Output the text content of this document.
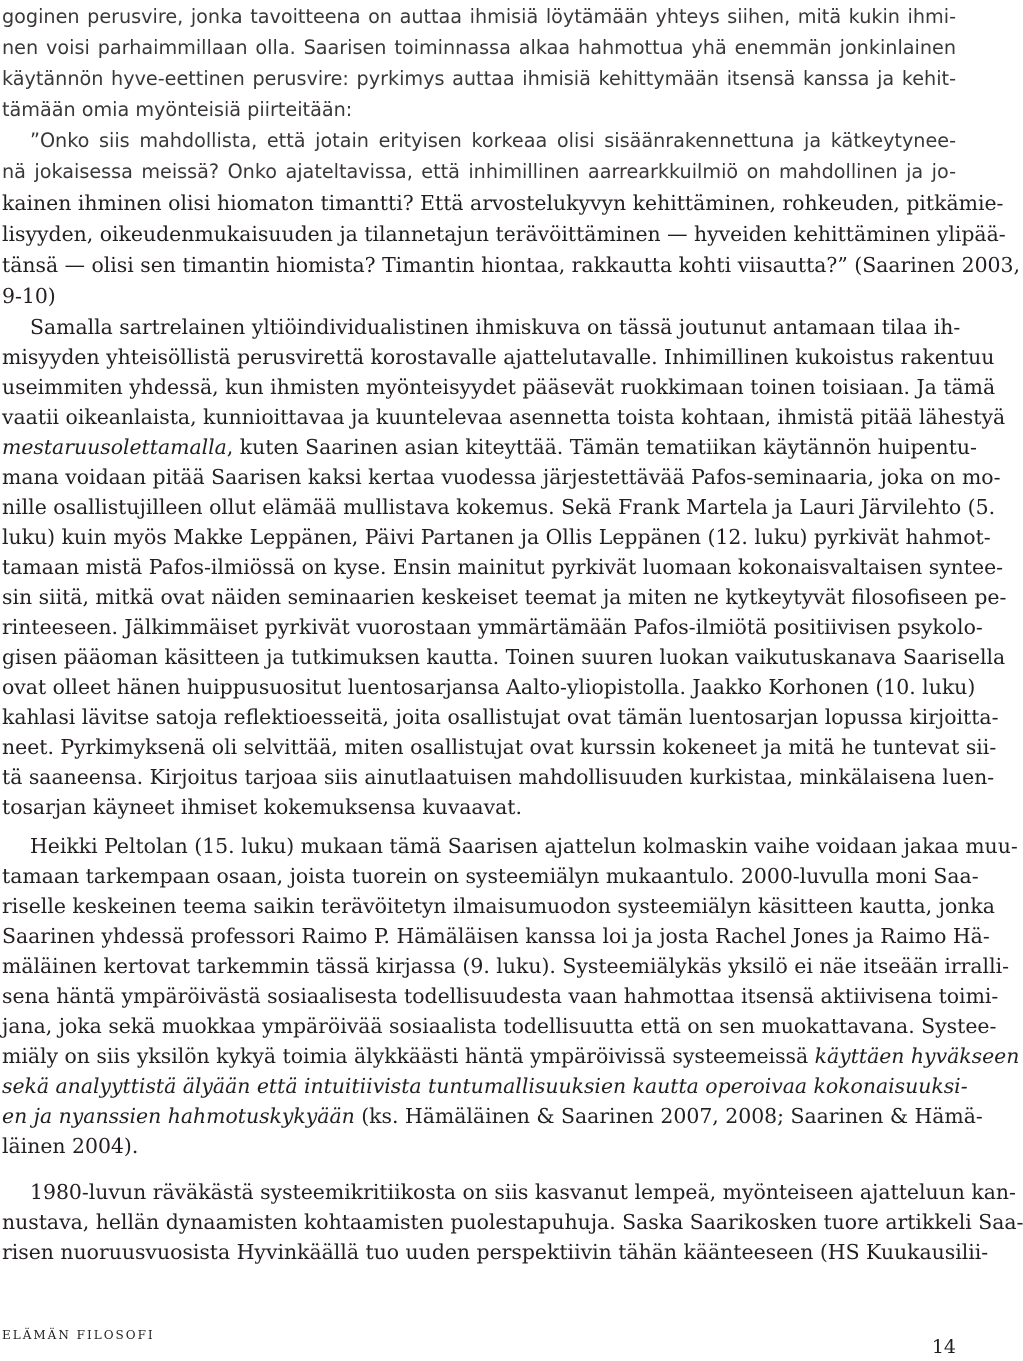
goginen perusvire, jonka tavoitteena on auttaa ihmisiä löytämään yhteys siihen, mitä kukin ihmi-
nen voisi parhaimmillaan olla. Saarisen toiminnassa alkaa hahmottua yhä enemmän jonkinlainen
käytännön hyve-eettinen perusvire: pyrkimys auttaa ihmisiä kehittymään itsensä kanssa ja kehit-
tämään omia myönteisiä piirteitään:
”Onko siis mahdollista, että jotain erityisen korkeaa olisi sisäänrakennettuna ja kätkeytynee-
nä jokaisessa meissä? Onko ajateltavissa, että inhimillinen aarrearkkuilmiö on mahdollinen ja jo-
kainen ihminen olisi hiomaton timantti? Että arvostelukyvyn kehittäminen, rohkeuden, pitkämie-
lisyyden, oikeudenmukaisuuden ja tilannetajun terävöittäminen — hyveiden kehittäminen ylipää-
tänsä — olisi sen timantin hiomista? Timantin hiontaa, rakkautta kohti viisautta?” (Saarinen 2003,
9-10)
Samalla sartrelainen yltiöindividualistinen ihmiskuva on tässä joutunut antamaan tilaa ih-
misyyden yhteisöllistä perusvirettä korostavalle ajattelutavalle. Inhimillinen kukoistus rakentuu
useimmiten yhdessä, kun ihmisten myönteisyydet pääsevät ruokkimaan toinen toisiaan. Ja tämä
vaatii oikeanlaista, kunnioittavaa ja kuuntelevaa asennetta toista kohtaan, ihmistä pitää lähestyä
mestaruusolettamalla, kuten Saarinen asian kiteyttää. Tämän tematiikan käytännön huipentu-
mana voidaan pitää Saarisen kaksi kertaa vuodessa järjestettävää Pafos-seminaaria, joka on mo-
nille osallistujilleen ollut elämää mullistava kokemus. Sekä Frank Martela ja Lauri Järvilehto (5.
luku) kuin myös Makke Leppänen, Päivi Partanen ja Ollis Leppänen (12. luku) pyrkivät hahmot-
tamaan mistä Pafos-ilmiössä on kyse. Ensin mainitut pyrkivät luomaan kokonaisvaltaisen syntee-
sin siitä, mitkä ovat näiden seminaarien keskeiset teemat ja miten ne kytkeytyvät filosofiseen pe-
rinteeseen. Jälkimmäiset pyrkivät vuorostaan ymmärtämään Pafos-ilmiötä positiivisen psykolo-
gisen pääoman käsitteen ja tutkimuksen kautta. Toinen suuren luokan vaikutuskanava Saarisella
ovat olleet hänen huippusuositut luentosarjansa Aalto-yliopistolla. Jaakko Korhonen (10. luku)
kahlasi lävitse satoja reflektioesseitä, joita osallistujat ovat tämän luentosarjan lopussa kirjoitta-
neet. Pyrkimyksenä oli selvittää, miten osallistujat ovat kurssin kokeneet ja mitä he tuntevat sii-
tä saaneensa. Kirjoitus tarjoaa siis ainutlaatuisen mahdollisuuden kurkistaa, minkälaisena luen-
tosarjan käyneet ihmiset kokemuksensa kuvaavat.
Heikki Peltolan (15. luku) mukaan tämä Saarisen ajattelun kolmaskin vaihe voidaan jakaa muu-
tamaan tarkempaan osaan, joista tuorein on systeemiälyn mukaantulo. 2000-luvulla moni Saa-
riselle keskeinen teema saikin terävöitetyn ilmaisumuodon systeemiälyn käsitteen kautta, jonka
Saarinen yhdessä professori Raimo P. Hämäläisen kanssa loi ja josta Rachel Jones ja Raimo Hä-
mäläinen kertovat tarkemmin tässä kirjassa (9. luku). Systeemiälykäs yksilö ei näe itseään irralli-
sena häntä ympäröivästä sosiaalisesta todellisuudesta vaan hahmottaa itsensä aktiivisena toimi-
jana, joka sekä muokkaa ympäröivää sosiaalista todellisuutta että on sen muokattavana. Systee-
miäly on siis yksilön kykyä toimia älykkäästi häntä ympäröivissä systeemeissä käyttäen hyväkseen
sekä analyyttistä älyään että intuitiivista tuntumallisuuksien kautta operoivaa kokonaisuuksi-
en ja nyanssien hahmotuskykyään (ks. Hämäläinen & Saarinen 2007, 2008; Saarinen & Hämä-
läinen 2004).
1980-luvun räväkästä systeemikritiikosta on siis kasvanut lempeä, myönteiseen ajatteluun kan-
nustava, hellän dynaamisten kohtaamisten puolestapuhuja. Saska Saarikosken tuore artikkeli Saa-
risen nuoruusvuosista Hyvinkäällä tuo uuden perspektiivin tähän käänteeseen (HS Kuukausilii-
ELÄMÄN FILOSOFI
14
